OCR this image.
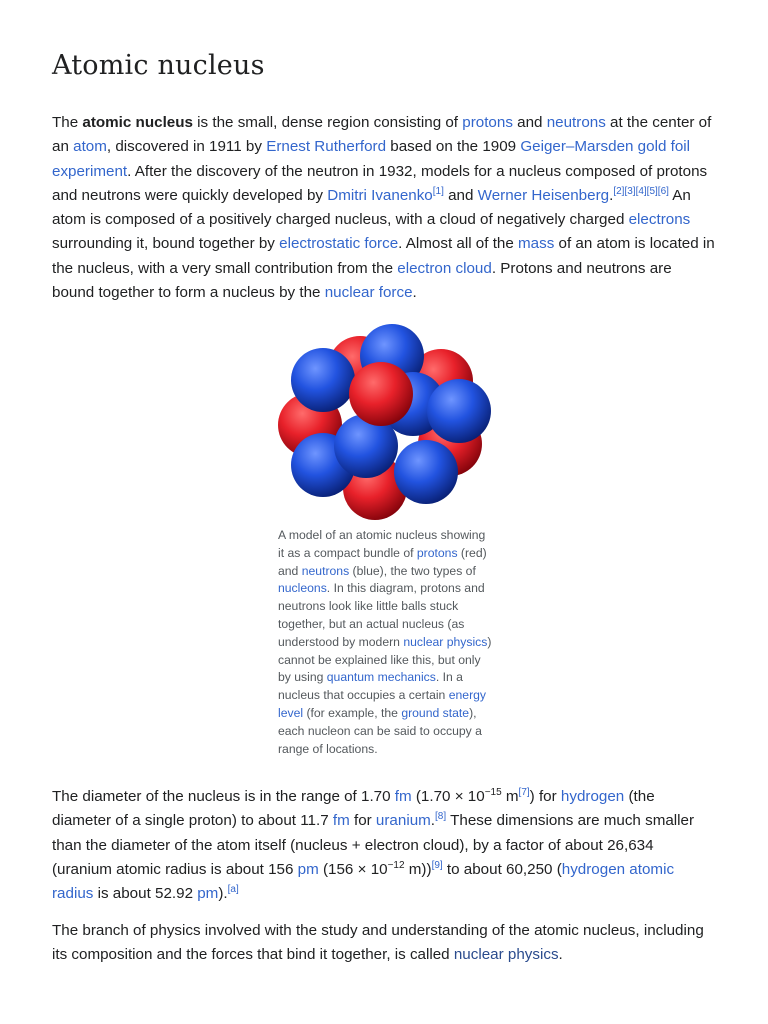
Atomic nucleus

The atomic nucleus is the small, dense region consisting of protons and neutrons at the center of an atom, discovered in 1911 by Ernest Rutherford based on the 1909 Geiger–Marsden gold foil experiment. After the discovery of the neutron in 1932, models for a nucleus composed of protons and neutrons were quickly developed by Dmitri Ivanenko[1] and Werner Heisenberg.[2][3][4][5][6] An atom is composed of a positively charged nucleus, with a cloud of negatively charged electrons surrounding it, bound together by electrostatic force. Almost all of the mass of an atom is located in the nucleus, with a very small contribution from the electron cloud. Protons and neutrons are bound together to form a nucleus by the nuclear force.

A model of an atomic nucleus showing it as a compact bundle of protons (red) and neutrons (blue), the two types of nucleons. In this diagram, protons and neutrons look like little balls stuck together, but an actual nucleus (as understood by modern nuclear physics) cannot be explained like this, but only by using quantum mechanics. In a nucleus that occupies a certain energy level (for example, the ground state), each nucleon can be said to occupy a range of locations.

The diameter of the nucleus is in the range of 1.70 fm ($1.70 \times 10^{-15}$ m[7]) for hydrogen (the diameter of a single proton) to about 11.7 fm for uranium.[8] These dimensions are much smaller than the diameter of the atom itself (nucleus + electron cloud), by a factor of about 26,634 (uranium atomic radius is about 156 pm ($156 \times 10^{-12}$ m))[9] to about 60,250 (hydrogen atomic radius is about 52.92 pm).[a]

The branch of physics involved with the study and understanding of the atomic nucleus, including its composition and the forces that bind it together, is called nuclear physics.
